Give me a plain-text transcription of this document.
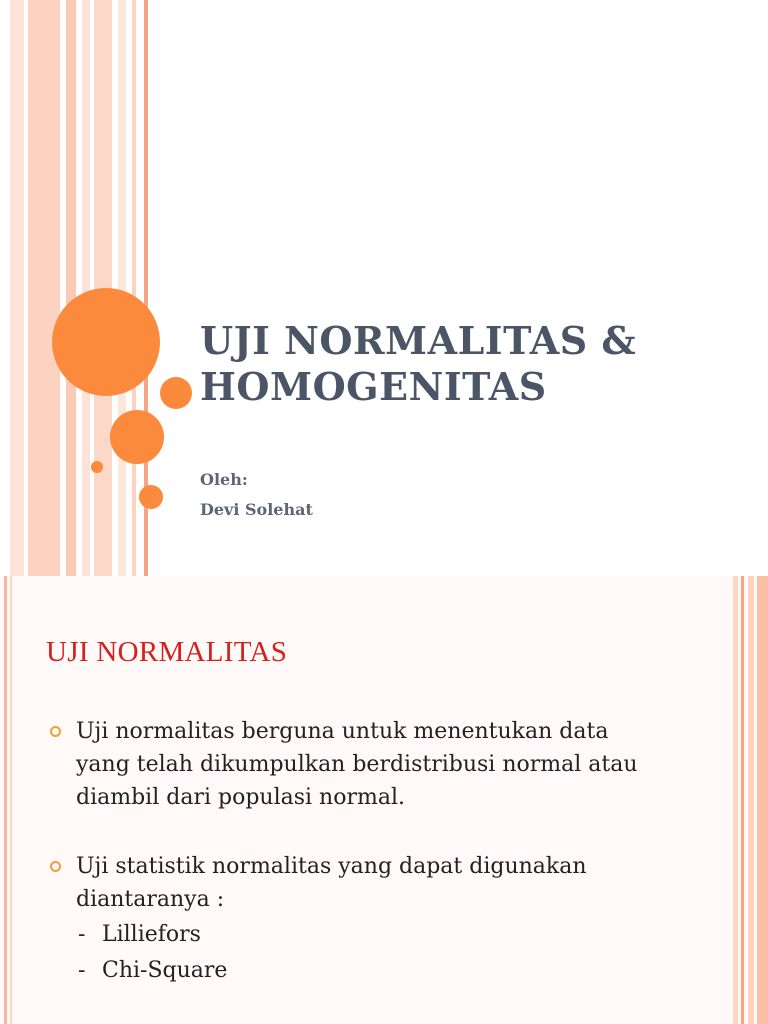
UJI NORMALITAS &
HOMOGENITAS
Oleh:
Devi Solehat
UJI NORMALITAS
Uji normalitas berguna untuk menentukan data
yang telah dikumpulkan berdistribusi normal atau
diambil dari populasi normal.
Uji statistik normalitas yang dapat digunakan
diantaranya :
- Lilliefors
- Chi-Square
